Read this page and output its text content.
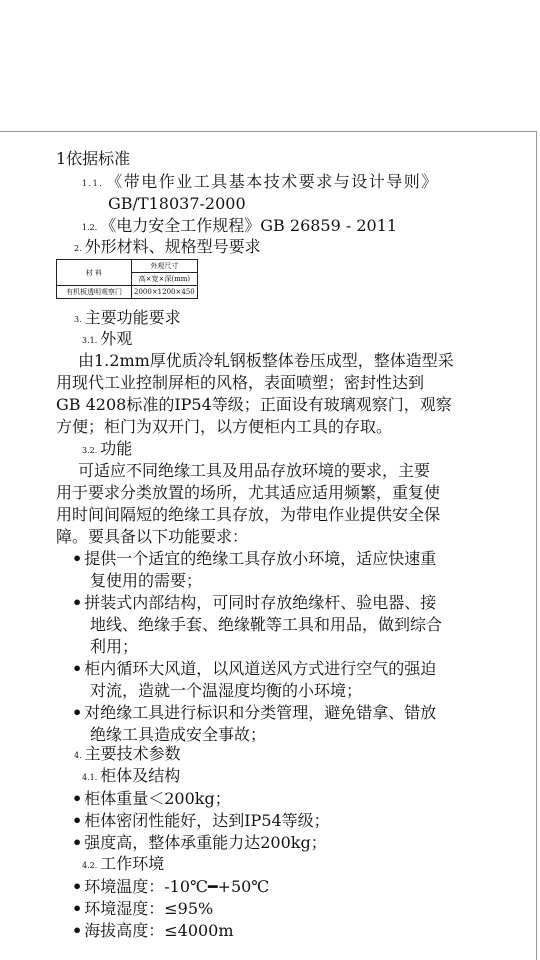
1依据标准
1.1. 《带电作业工具基本技术要求与设计导则》
GB/T18037-2000
1.2. 《电力安全工作规程》GB 26859 - 2011
2. 外形材料、规格型号要求
材 料	外观尺寸
	高×宽×深(mm)
有机板透明观察门	2000×1200×450
3. 主要功能要求
3.1. 外观
由1.2mm厚优质冷轧钢板整体卷压成型，整体造型采
用现代工业控制屏柜的风格，表面喷塑；密封性达到
GB 4208标准的IP54等级；正面设有玻璃观察门，观察
方便；柜门为双开门，以方便柜内工具的存取。
3.2. 功能
可适应不同绝缘工具及用品存放环境的要求，主要
用于要求分类放置的场所，尤其适应适用频繁，重复使
用时间间隔短的绝缘工具存放，为带电作业提供安全保
障。要具备以下功能要求：
• 提供一个适宜的绝缘工具存放小环境，适应快速重
复使用的需要；
• 拼装式内部结构，可同时存放绝缘杆、验电器、接
地线、绝缘手套、绝缘靴等工具和用品，做到综合
利用；
• 柜内循环大风道，以风道送风方式进行空气的强迫
对流，造就一个温湿度均衡的小环境；
• 对绝缘工具进行标识和分类管理，避免错拿、错放
绝缘工具造成安全事故；
4. 主要技术参数
4.1. 柜体及结构
• 柜体重量＜200kg；
• 柜体密闭性能好，达到IP54等级；
• 强度高，整体承重能力达200kg；
4.2. 工作环境
• 环境温度：-10℃━+50℃
• 环境湿度：≤95%
• 海拔高度：≤4000m
